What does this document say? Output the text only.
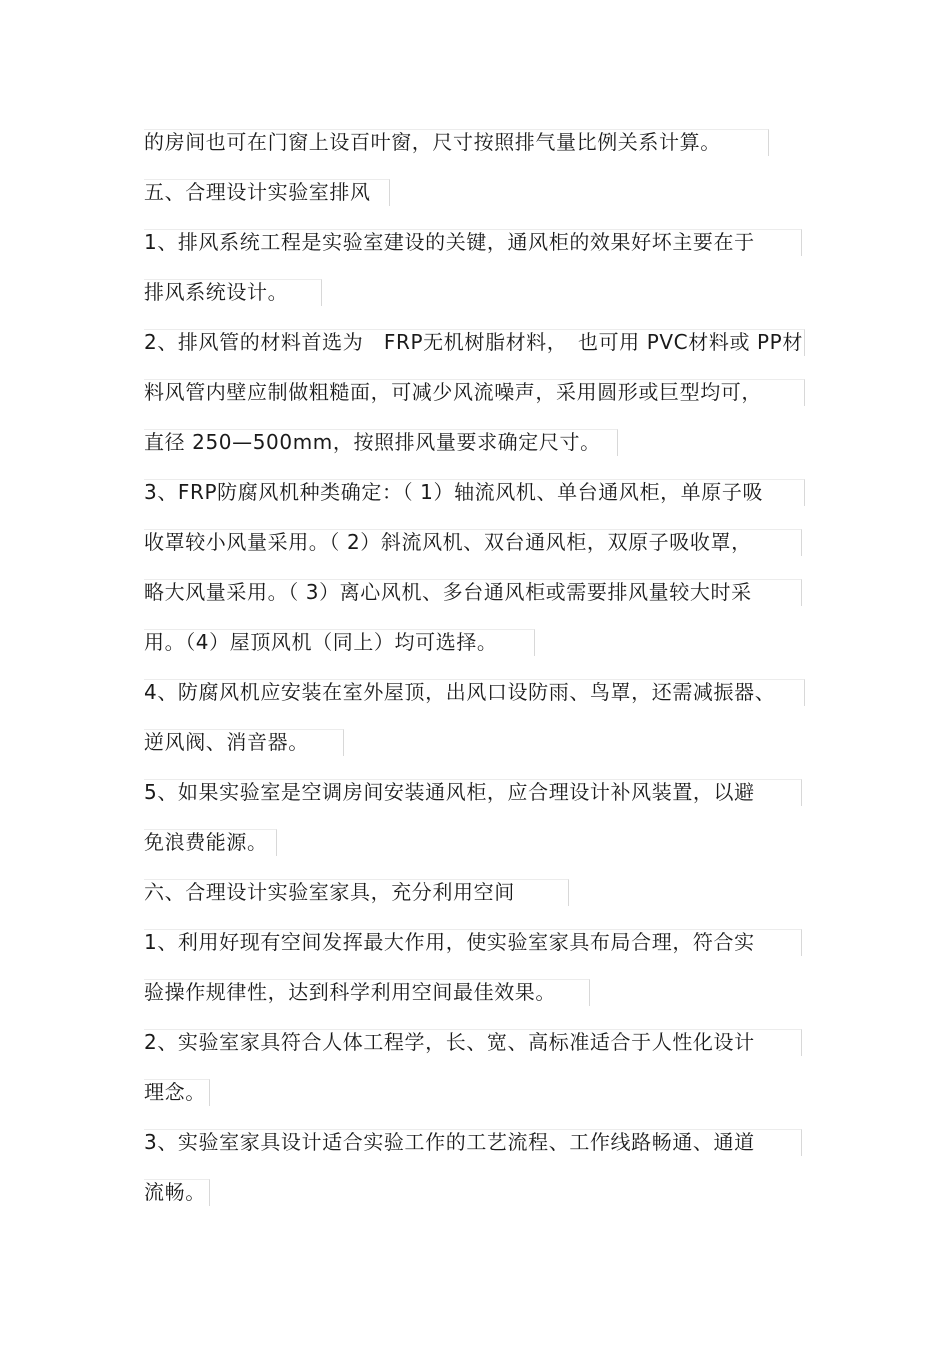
的房间也可在门窗上设百叶窗，尺寸按照排气量比例关系计算。
五、合理设计实验室排风
1、排风系统工程是实验室建设的关键，通风柜的效果好坏主要在于
排风系统设计。
2、排风管的材料首选为　FRP无机树脂材料，　也可用 PVC材料或 PP材
料风管内壁应制做粗糙面，可减少风流噪声，采用圆形或巨型均可，
直径 250—500mm，按照排风量要求确定尺寸。
3、FRP防腐风机种类确定：（ 1）轴流风机、单台通风柜，单原子吸
收罩较小风量采用。（ 2）斜流风机、双台通风柜，双原子吸收罩，
略大风量采用。（ 3）离心风机、多台通风柜或需要排风量较大时采
用。（4）屋顶风机（同上）均可选择。
4、防腐风机应安装在室外屋顶，出风口设防雨、鸟罩，还需减振器、
逆风阀、消音器。
5、如果实验室是空调房间安装通风柜，应合理设计补风装置，以避
免浪费能源。
六、合理设计实验室家具，充分利用空间
1、利用好现有空间发挥最大作用，使实验室家具布局合理，符合实
验操作规律性，达到科学利用空间最佳效果。
2、实验室家具符合人体工程学，长、宽、高标准适合于人性化设计
理念。
3、实验室家具设计适合实验工作的工艺流程、工作线路畅通、通道
流畅。
